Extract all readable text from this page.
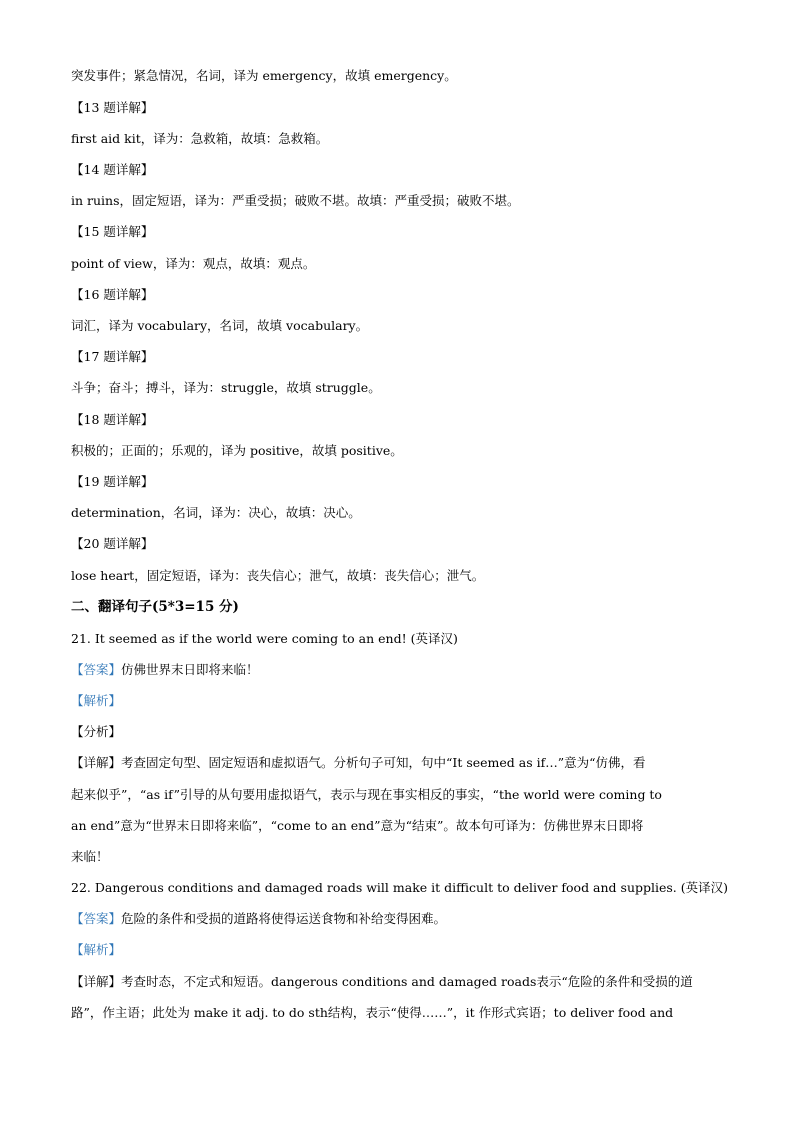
突发事件；紧急情况，名词，译为 emergency，故填 emergency。
【13 题详解】
first aid kit，译为：急救箱，故填：急救箱。
【14 题详解】
in ruins，固定短语，译为：严重受损；破败不堪。故填：严重受损；破败不堪。
【15 题详解】
point of view，译为：观点，故填：观点。
【16 题详解】
词汇，译为 vocabulary，名词，故填 vocabulary。
【17 题详解】
斗争；奋斗；搏斗，译为：struggle，故填 struggle。
【18 题详解】
积极的；正面的；乐观的，译为 positive，故填 positive。
【19 题详解】
determination，名词，译为：决心，故填：决心。
【20 题详解】
lose heart，固定短语，译为：丧失信心；泄气，故填：丧失信心；泄气。
二、翻译句子(5*3=15 分)
21. It seemed as if the world were coming to an end! (英译汉)
【答案】仿佛世界末日即将来临！
【解析】
【分析】
【详解】考查固定句型、固定短语和虚拟语气。分析句子可知，句中“It seemed as if…”意为“仿佛，看
起来似乎”，“as if”引导的从句要用虚拟语气，表示与现在事实相反的事实，“the world were coming to
an end”意为“世界末日即将来临”，“come to an end”意为“结束”。故本句可译为：仿佛世界末日即将
来临！
22. Dangerous conditions and damaged roads will make it difficult to deliver food and supplies. (英译汉)
【答案】危险的条件和受损的道路将使得运送食物和补给变得困难。
【解析】
【详解】考查时态，不定式和短语。dangerous conditions and damaged roads表示“危险的条件和受损的道
路”，作主语；此处为 make it adj. to do sth结构，表示“使得……”，it 作形式宾语；to deliver food and
